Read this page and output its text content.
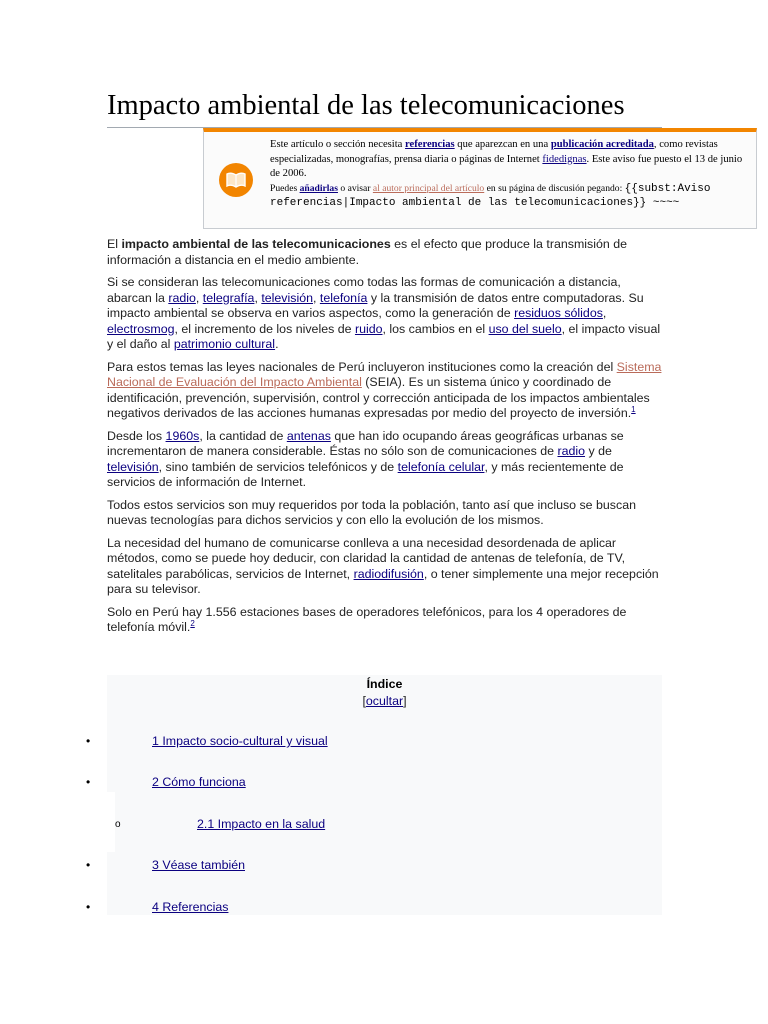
Impacto ambiental de las telecomunicaciones
Este artículo o sección necesita referencias que aparezcan en una publicación acreditada, como revistas especializadas, monografías, prensa diaria o páginas de Internet fidedignas. Este aviso fue puesto el 13 de junio de 2006.
Puedes añadirlas o avisar al autor principal del artículo en su página de discusión pegando: {{subst:Aviso referencias|Impacto ambiental de las telecomunicaciones}} ~~~~

El impacto ambiental de las telecomunicaciones es el efecto que produce la transmisión de información a distancia en el medio ambiente.

Si se consideran las telecomunicaciones como todas las formas de comunicación a distancia, abarcan la radio, telegrafía, televisión, telefonía y la transmisión de datos entre computadoras. Su impacto ambiental se observa en varios aspectos, como la generación de residuos sólidos, electrosmog, el incremento de los niveles de ruido, los cambios en el uso del suelo, el impacto visual y el daño al patrimonio cultural.

Para estos temas las leyes nacionales de Perú incluyeron instituciones como la creación del Sistema Nacional de Evaluación del Impacto Ambiental (SEIA). Es un sistema único y coordinado de identificación, prevención, supervisión, control y corrección anticipada de los impactos ambientales negativos derivados de las acciones humanas expresadas por medio del proyecto de inversión.$^1$

Desde los 1960s, la cantidad de antenas que han ido ocupando áreas geográficas urbanas se incrementaron de manera considerable. Éstas no sólo son de comunicaciones de radio y de televisión, sino también de servicios telefónicos y de telefonía celular, y más recientemente de servicios de información de Internet.

Todos estos servicios son muy requeridos por toda la población, tanto así que incluso se buscan nuevas tecnologías para dichos servicios y con ello la evolución de los mismos.

La necesidad del humano de comunicarse conlleva a una necesidad desordenada de aplicar métodos, como se puede hoy deducir, con claridad la cantidad de antenas de telefonía, de TV, satelitales parabólicas, servicios de Internet, radiodifusión, o tener simplemente una mejor recepción para su televisor.

Solo en Perú hay 1.556 estaciones bases de operadores telefónicos, para los 4 operadores de telefonía móvil.$^2$

Índice
[ocultar]
•	1 Impacto socio-cultural y visual
•	2 Cómo funciona
o	2.1 Impacto en la salud
•	3 Véase también
•	4 Referencias
